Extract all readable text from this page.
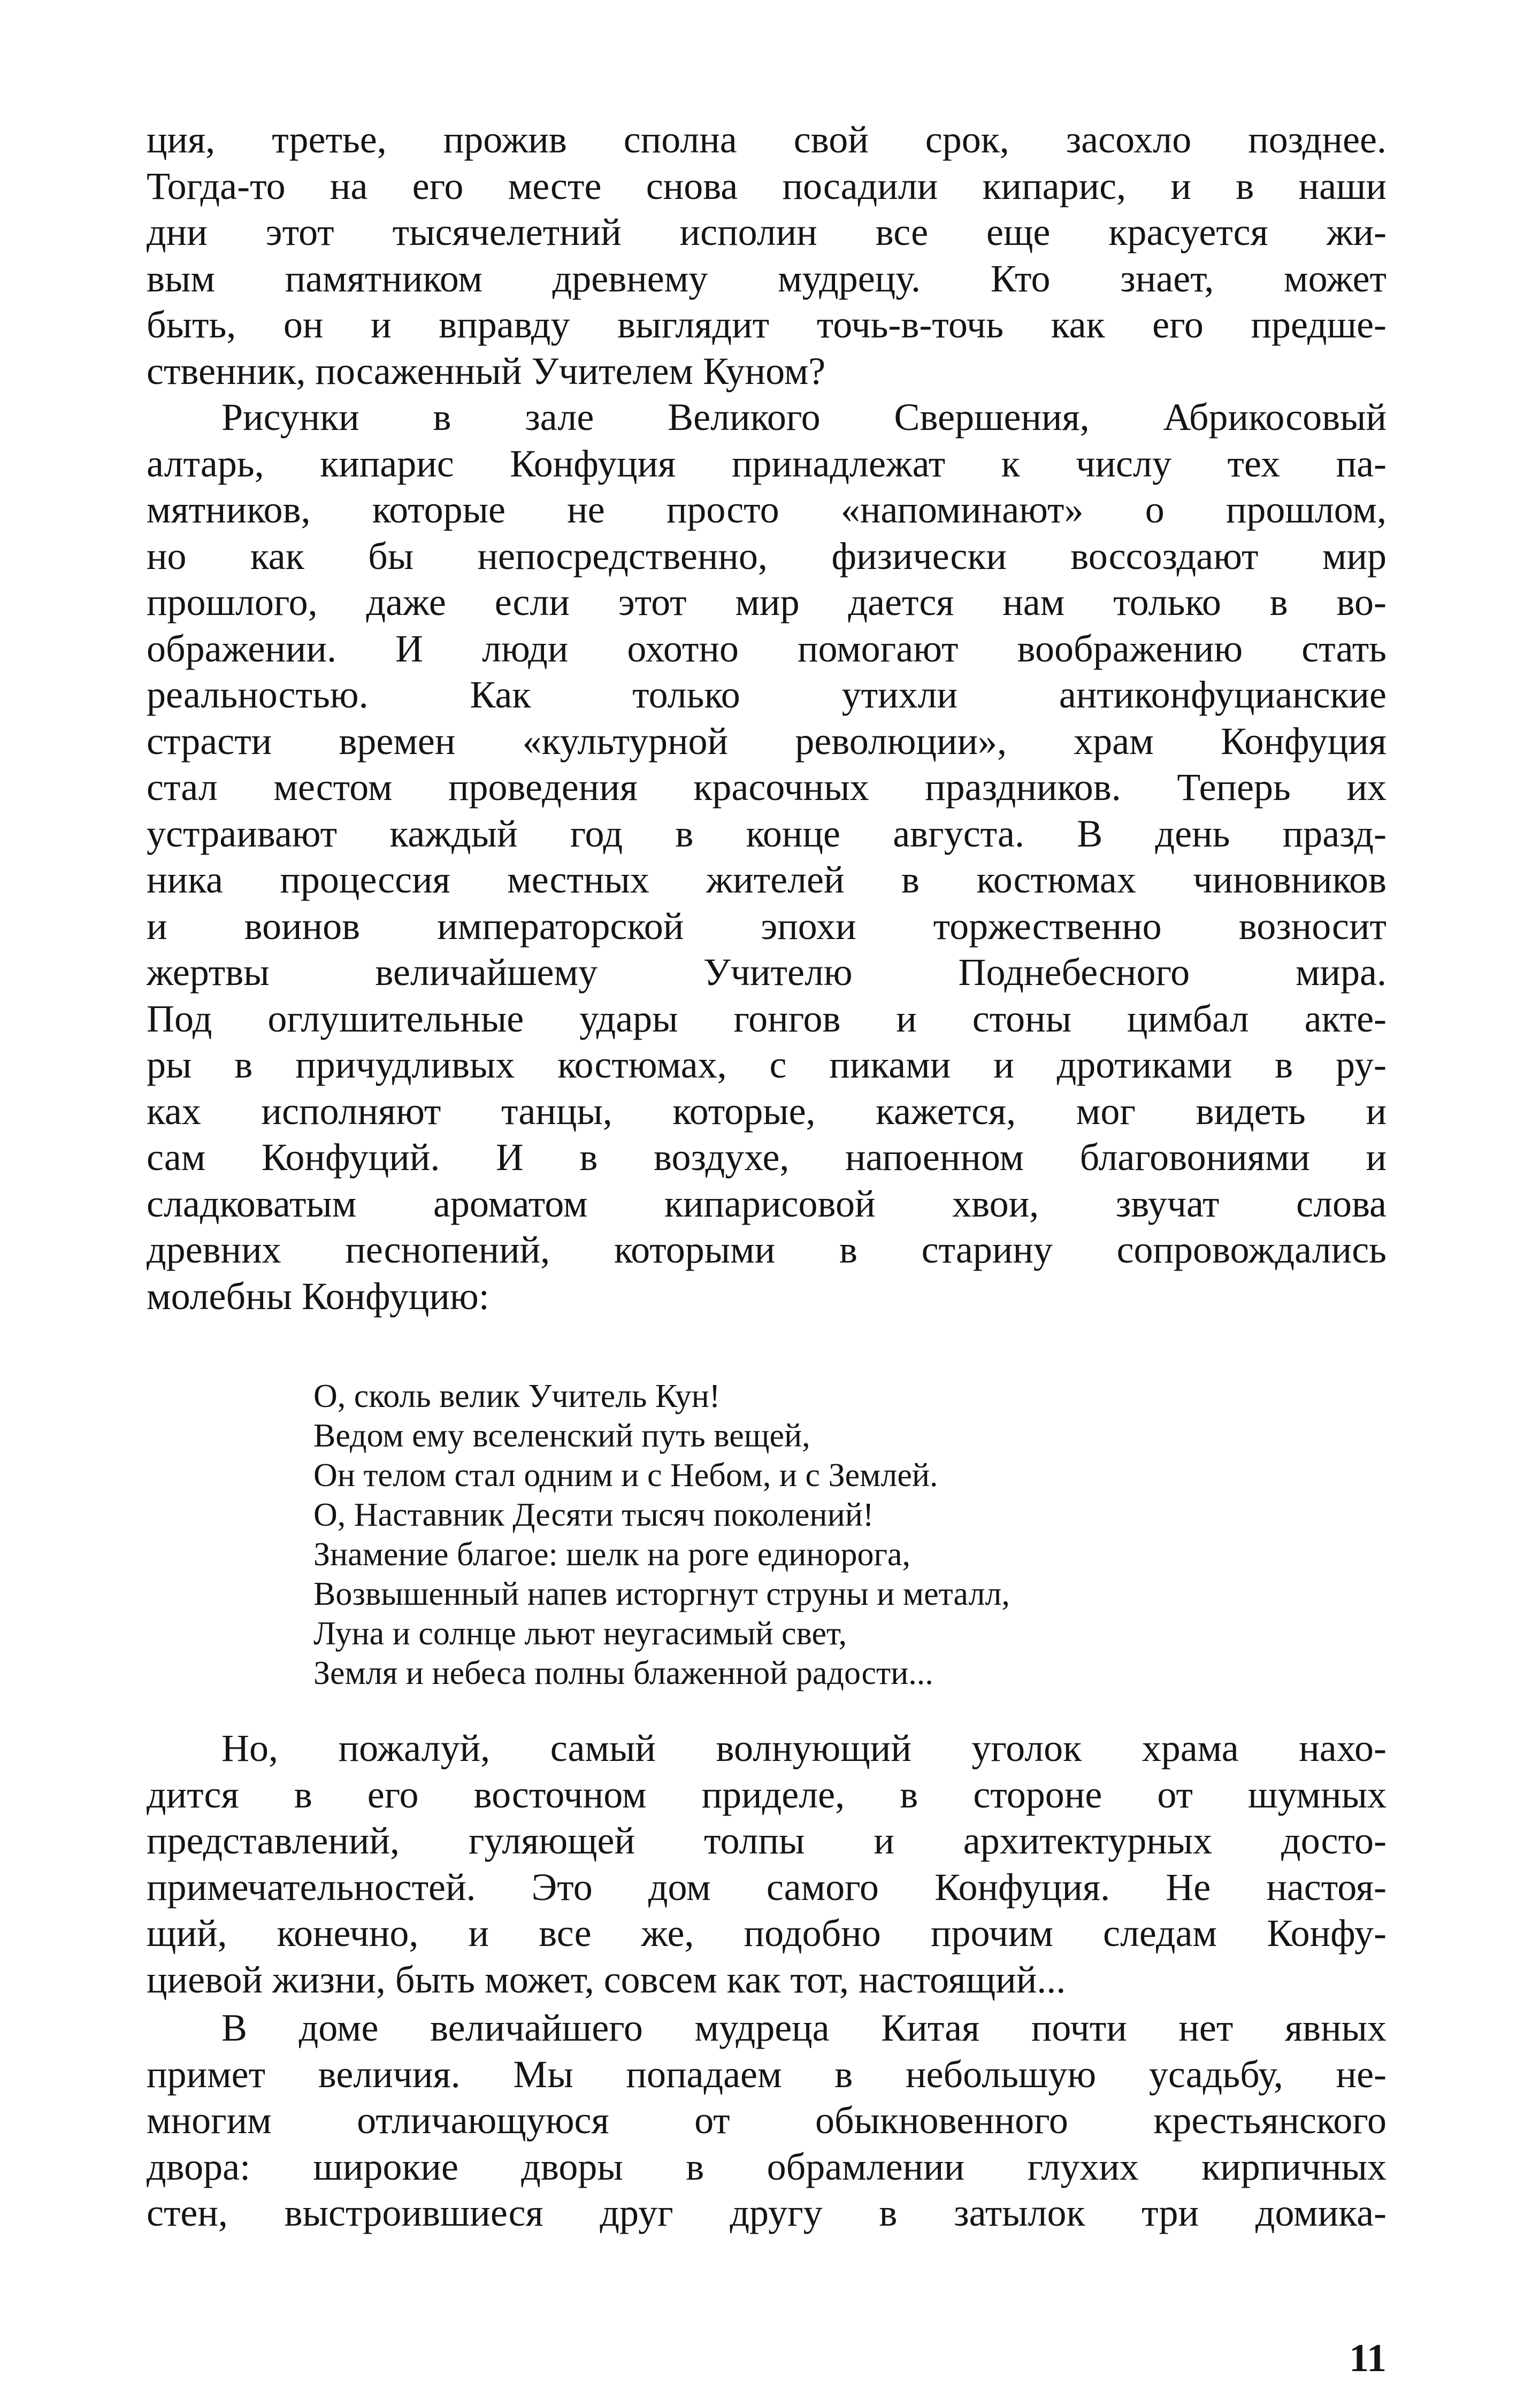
ция, третье, прожив сполна свой срок, засохло позднее.
Тогда-то на его месте снова посадили кипарис, и в наши
дни этот тысячелетний исполин все еще красуется жи-
вым памятником древнему мудрецу. Кто знает, может
быть, он и вправду выглядит точь-в-точь как его предше-
ственник, посаженный Учителем Куном?
Рисунки в зале Великого Свершения, Абрикосовый
алтарь, кипарис Конфуция принадлежат к числу тех па-
мятников, которые не просто «напоминают» о прошлом,
но как бы непосредственно, физически воссоздают мир
прошлого, даже если этот мир дается нам только в во-
ображении. И люди охотно помогают воображению стать
реальностью. Как только утихли антиконфуцианские
страсти времен «культурной революции», храм Конфуция
стал местом проведения красочных праздников. Теперь их
устраивают каждый год в конце августа. В день празд-
ника процессия местных жителей в костюмах чиновников
и воинов императорской эпохи торжественно возносит
жертвы величайшему Учителю Поднебесного мира.
Под оглушительные удары гонгов и стоны цимбал акте-
ры в причудливых костюмах, с пиками и дротиками в ру-
ках исполняют танцы, которые, кажется, мог видеть и
сам Конфуций. И в воздухе, напоенном благовониями и
сладковатым ароматом кипарисовой хвои, звучат слова
древних песнопений, которыми в старину сопровождались
молебны Конфуцию:
О, сколь велик Учитель Кун!
Ведом ему вселенский путь вещей,
Он телом стал одним и с Небом, и с Землей.
О, Наставник Десяти тысяч поколений!
Знамение благое: шелк на роге единорога,
Возвышенный напев исторгнут струны и металл,
Луна и солнце льют неугасимый свет,
Земля и небеса полны блаженной радости...
Но, пожалуй, самый волнующий уголок храма нахо-
дится в его восточном приделе, в стороне от шумных
представлений, гуляющей толпы и архитектурных досто-
примечательностей. Это дом самого Конфуция. Не настоя-
щий, конечно, и все же, подобно прочим следам Конфу-
циевой жизни, быть может, совсем как тот, настоящий...
В доме величайшего мудреца Китая почти нет явных
примет величия. Мы попадаем в небольшую усадьбу, не-
многим отличающуюся от обыкновенного крестьянского
двора: широкие дворы в обрамлении глухих кирпичных
стен, выстроившиеся друг другу в затылок три домика-
11
